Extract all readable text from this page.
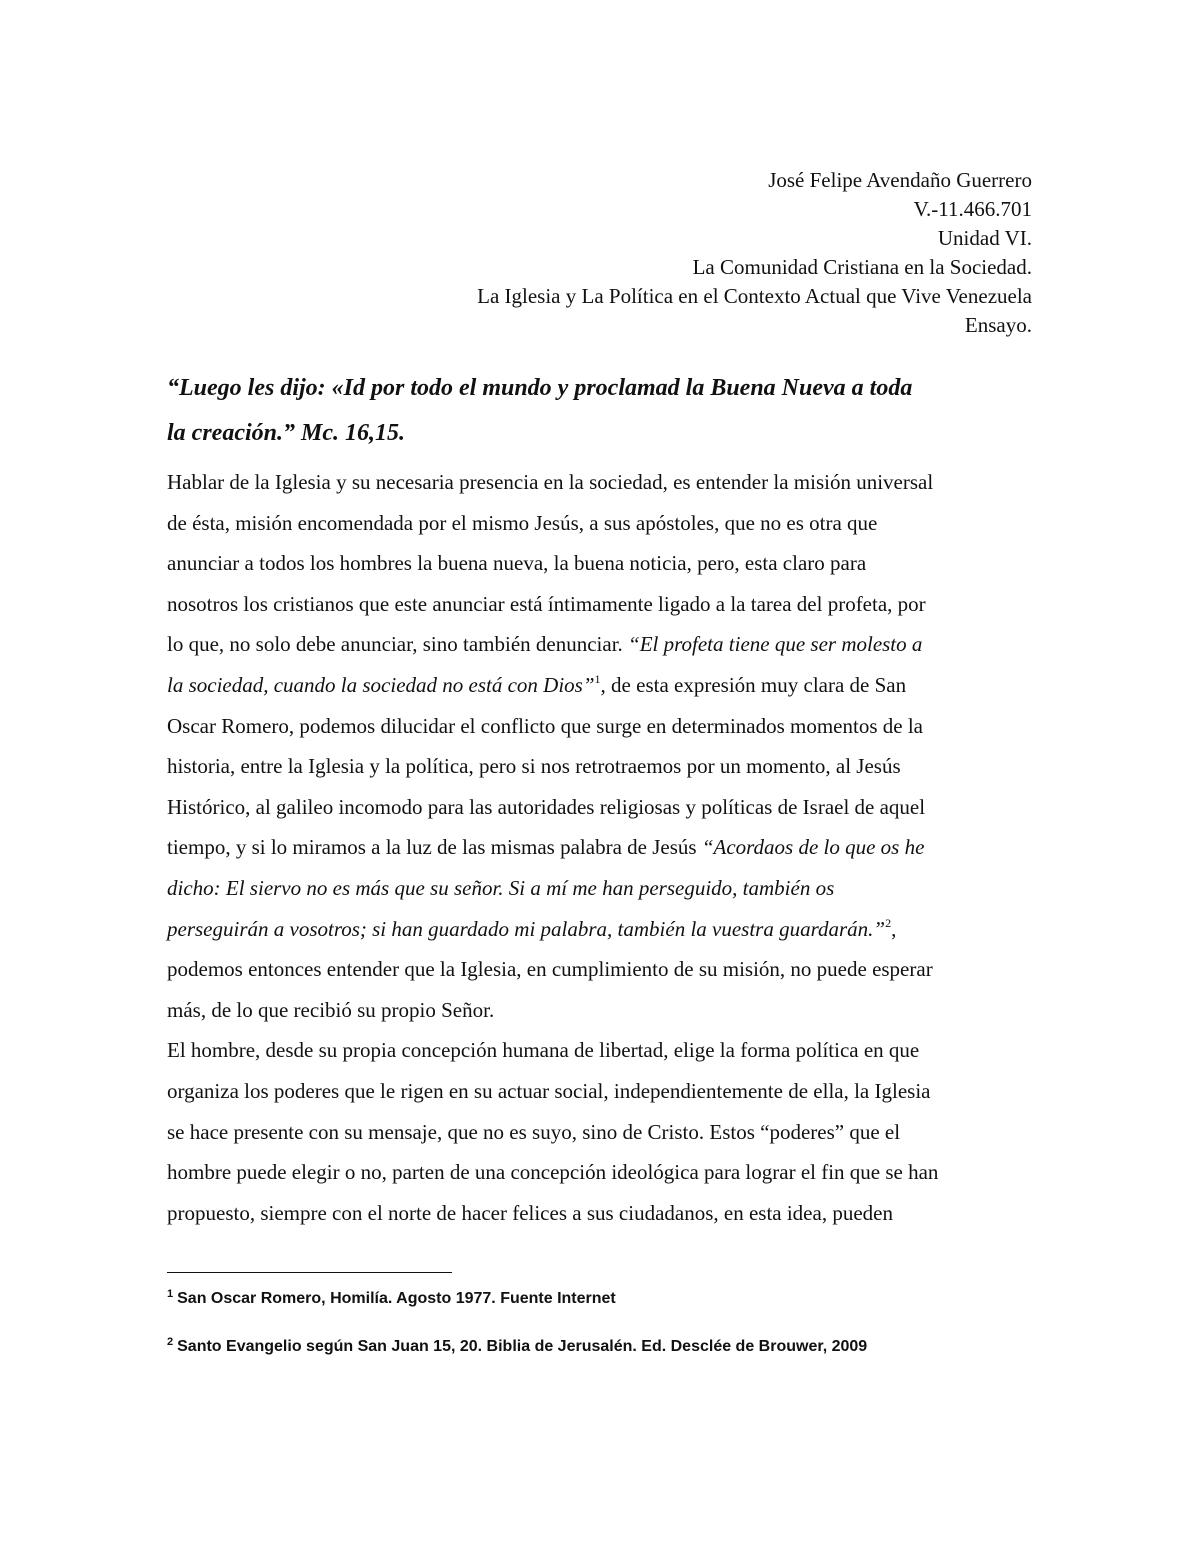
José Felipe Avendaño Guerrero
V.-11.466.701
Unidad VI.
La Comunidad Cristiana en la Sociedad.
La Iglesia y La Política en el Contexto Actual que Vive Venezuela
Ensayo.
“Luego les dijo: «Id por todo el mundo y proclamad la Buena Nueva a toda
la creación.” Mc. 16,15.

Hablar de la Iglesia y su necesaria presencia en la sociedad, es entender la misión universal
de ésta, misión encomendada por el mismo Jesús, a sus apóstoles, que no es otra que
anunciar a todos los hombres la buena nueva, la buena noticia, pero, esta claro para
nosotros los cristianos que este anunciar está íntimamente ligado a la tarea del profeta, por
lo que, no solo debe anunciar, sino también denunciar. “El profeta tiene que ser molesto a
la sociedad, cuando la sociedad no está con Dios”$^1$, de esta expresión muy clara de San
Oscar Romero, podemos dilucidar el conflicto que surge en determinados momentos de la
historia, entre la Iglesia y la política, pero si nos retrotraemos por un momento, al Jesús
Histórico, al galileo incomodo para las autoridades religiosas y políticas de Israel de aquel
tiempo, y si lo miramos a la luz de las mismas palabra de Jesús “Acordaos de lo que os he
dicho: El siervo no es más que su señor. Si a mí me han perseguido, también os
perseguirán a vosotros; si han guardado mi palabra, también la vuestra guardarán.”$^2$,
podemos entonces entender que la Iglesia, en cumplimiento de su misión, no puede esperar
más, de lo que recibió su propio Señor.

El hombre, desde su propia concepción humana de libertad, elige la forma política en que
organiza los poderes que le rigen en su actuar social, independientemente de ella, la Iglesia
se hace presente con su mensaje, que no es suyo, sino de Cristo. Estos “poderes” que el
hombre puede elegir o no, parten de una concepción ideológica para lograr el fin que se han
propuesto, siempre con el norte de hacer felices a sus ciudadanos, en esta idea, pueden

$^1$ San Oscar Romero, Homilía. Agosto 1977. Fuente Internet
$^2$ Santo Evangelio según San Juan 15, 20. Biblia de Jerusalén. Ed. Desclée de Brouwer, 2009
